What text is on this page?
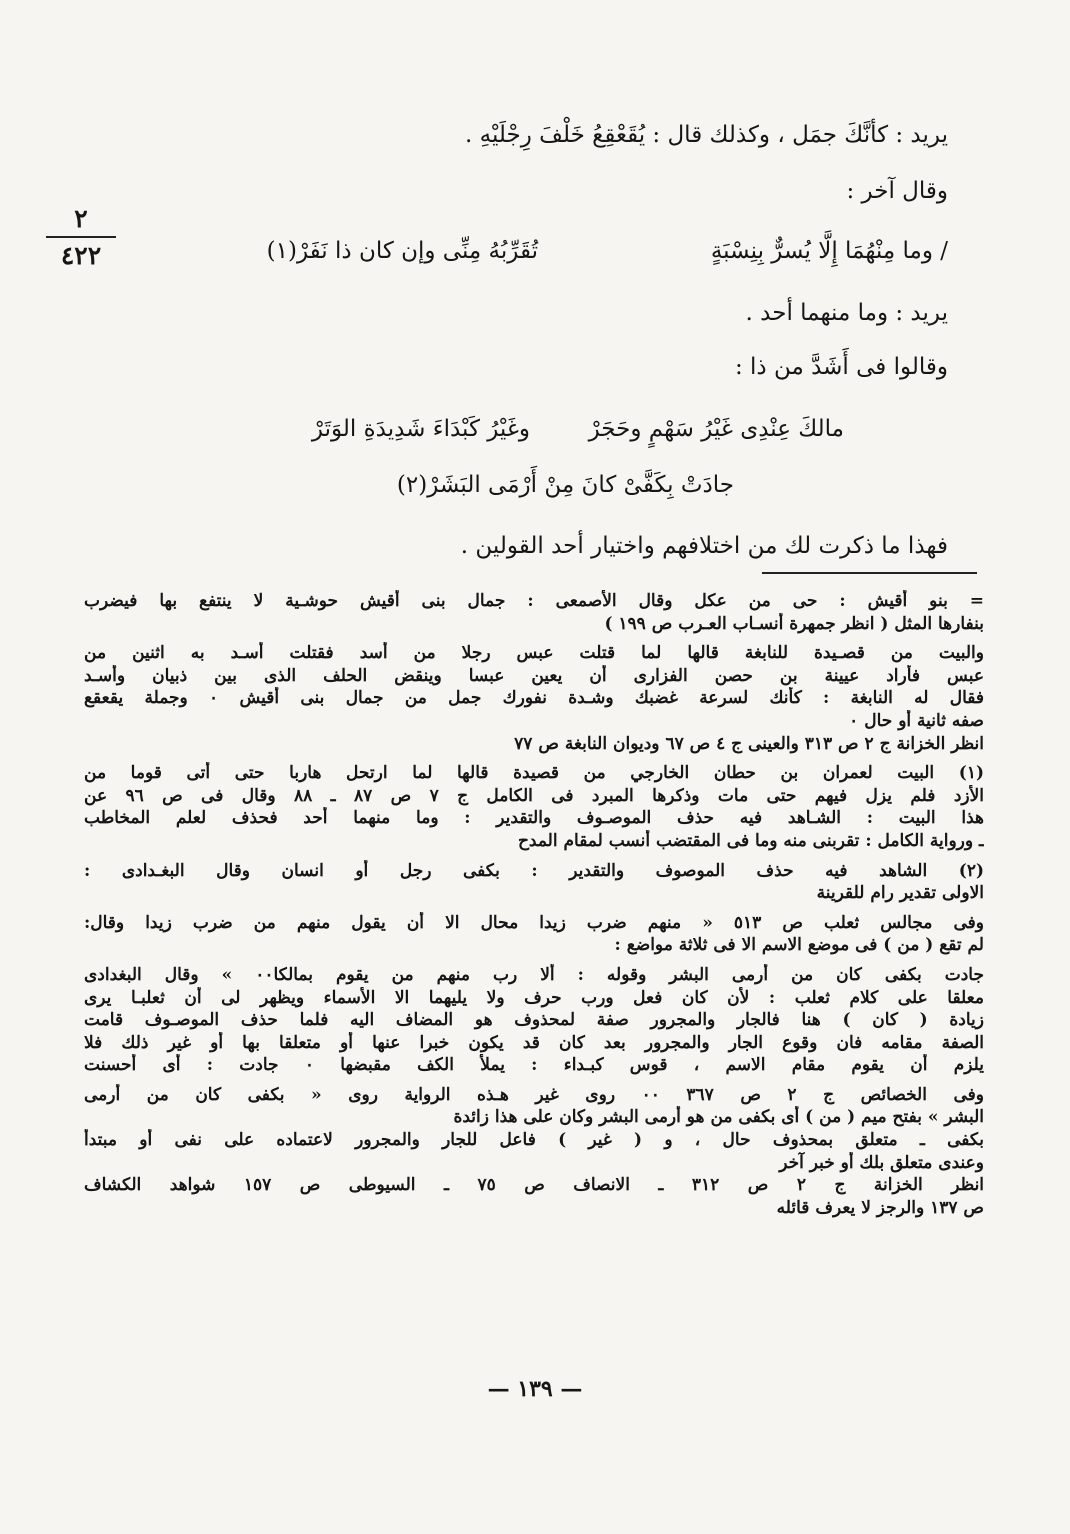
٢
٤٢٢
يريد : كأنَّكَ جمَل ، وكذلك قال : يُقَعْقِعُ خَلْفَ رِجْلَيْهِ .
وقال آخر :
يريد : وما منهما أحد .
وقالوا فى أَشَدَّ من ذا :
فهذا ما ذكرت لك من اختلافهم واختيار أحد القولين .
/ وما مِنْهُمَا إِلَّا يُسرٌّ بِنِسْبَةٍ
تُقَرِّبُهُ مِنِّى وإن كان ذا نَفَرْ(١)
مالكَ عِنْدِى غَيْرُ سَهْمٍ وحَجَرْ
وغَيْرُ كَبْدَاءَ شَدِيدَةِ الوَتَرْ
جادَتْ بِكَفَّىْ كانَ مِنْ أَرْمَى البَشَرْ(٢)
= بنو أقيش : حى من عكل وقال الأصمعى : جمال بنى أقيش حوشـية لا ينتفع بها فيضرب
بنفارها المثل ( انظر جمهرة أنسـاب العـرب ص ١٩٩ )
والبيت من قصـيدة للنابغة قالها لما قتلت عبس رجلا من أسد فقتلت أسـد به اثنين من
عبس فأراد عيينة بن حصن الفزارى أن يعين عبسا وينقض الحلف الذى بين ذبيان وأسـد
فقال له النابغة : كأنك لسرعة غضبك وشـدة نفورك جمل من جمال بنى أقيش ٠ وجملة يقعقع
صفه ثانية أو حال ٠
انظر الخزانة ج ٢ ص ٣١٣ والعينى ج ٤ ص ٦٧ وديوان النابغة ص ٧٧
(١) البيت لعمران بن حطان الخارجي من قصيدة قالها لما ارتحل هاربا حتى أتى قوما من
الأزد فلم يزل فيهم حتى مات وذكرها المبرد فى الكامل ج ٧ ص ٨٧ ـ ٨٨ وقال فى ص ٩٦ عن
هذا البيت : الشـاهد فيه حذف الموصـوف والتقدير : وما منهما أحد فحذف لعلم المخاطب
ـ ورواية الكامل : تقربنى منه وما فى المقتضب أنسب لمقام المدح
(٢) الشاهد فيه حذف الموصوف والتقدير : بكفى رجل أو انسان وقال البغـدادى :
الاولى تقدير رام للقرينة
وفى مجالس ثعلب ص ٥١٣ « منهم ضرب زيدا محال الا أن يقول منهم من ضرب زيدا وقال:
لم تقع ( من ) فى موضع الاسم الا فى ثلاثة مواضع :
جادت بكفى كان من أرمى البشر وقوله : ألا رب منهم من يقوم بمالكا٠٠ » وقال البغدادى
معلقا على كلام ثعلب : لأن كان فعل ورب حرف ولا يليهما الا الأسماء ويظهر لى أن ثعلبـا يرى
زيادة ( كان ) هنا فالجار والمجرور صفة لمحذوف هو المضاف اليه فلما حذف الموصـوف قامت
الصفة مقامه فان وقوع الجار والمجرور بعد كان قد يكون خبرا عنها أو متعلقا بها أو غير ذلك فلا
يلزم أن يقوم مقام الاسم ، قوس كبـداء : يملأ الكف مقبضها ٠ جادت : أى أحسنت
وفى الخصائص ج ٢ ص ٣٦٧ ٠٠ روى غير هـذه الرواية روى « بكفى كان من أرمى
البشر » بفتح ميم ( من ) أى بكفى من هو أرمى البشر وكان على هذا زائدة
بكفى ـ متعلق بمحذوف حال ، و ( غير ) فاعل للجار والمجرور لاعتماده على نفى أو مبتدأ
وعندى متعلق بلك أو خبر آخر
انظر الخزانة ج ٢ ص ٣١٢ ـ الانصاف ص ٧٥ ـ السيوطى ص ١٥٧ شواهد الكشاف
ص ١٣٧ والرجز لا يعرف قائله
— ١٣٩ —
